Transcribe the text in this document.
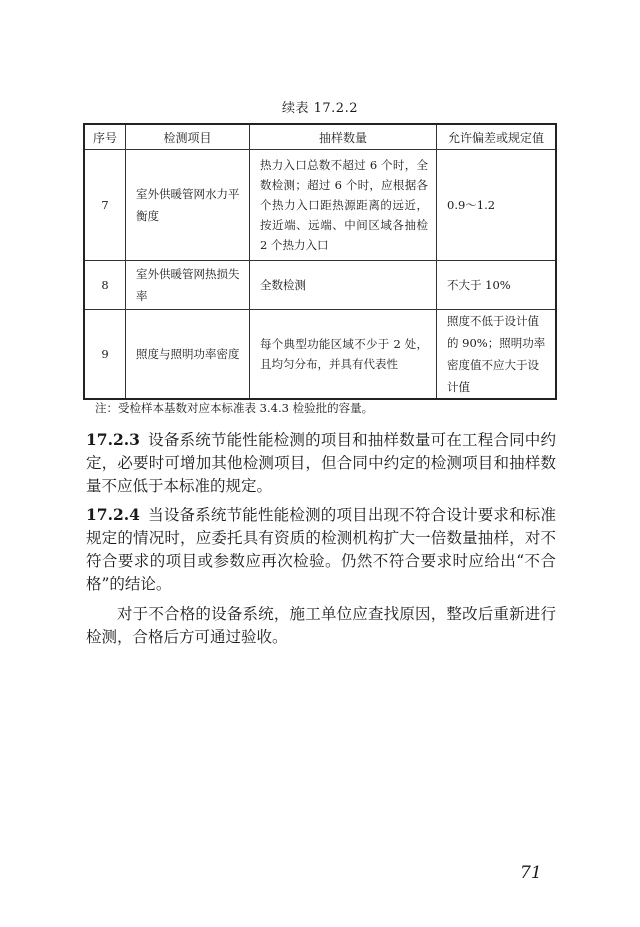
续表 17.2.2
序号	检测项目	抽样数量	允许偏差或规定值
7	室外供暖管网水力平衡度	热力入口总数不超过 6 个时，全数检测；超过 6 个时，应根据各个热力入口距热源距离的远近，按近端、远端、中间区域各抽检 2 个热力入口	0.9～1.2
8	室外供暖管网热损失率	全数检测	不大于 10%
9	照度与照明功率密度	每个典型功能区域不少于 2 处，且均匀分布，并具有代表性	照度不低于设计值的 90%；照明功率密度值不应大于设计值
注：受检样本基数对应本标准表 3.4.3 检验批的容量。
17.2.3 设备系统节能性能检测的项目和抽样数量可在工程合同中约定，必要时可增加其他检测项目，但合同中约定的检测项目和抽样数量不应低于本标准的规定。
17.2.4 当设备系统节能性能检测的项目出现不符合设计要求和标准规定的情况时，应委托具有资质的检测机构扩大一倍数量抽样，对不符合要求的项目或参数应再次检验。仍然不符合要求时应给出“不合格”的结论。
对于不合格的设备系统，施工单位应查找原因，整改后重新进行检测，合格后方可通过验收。
71
